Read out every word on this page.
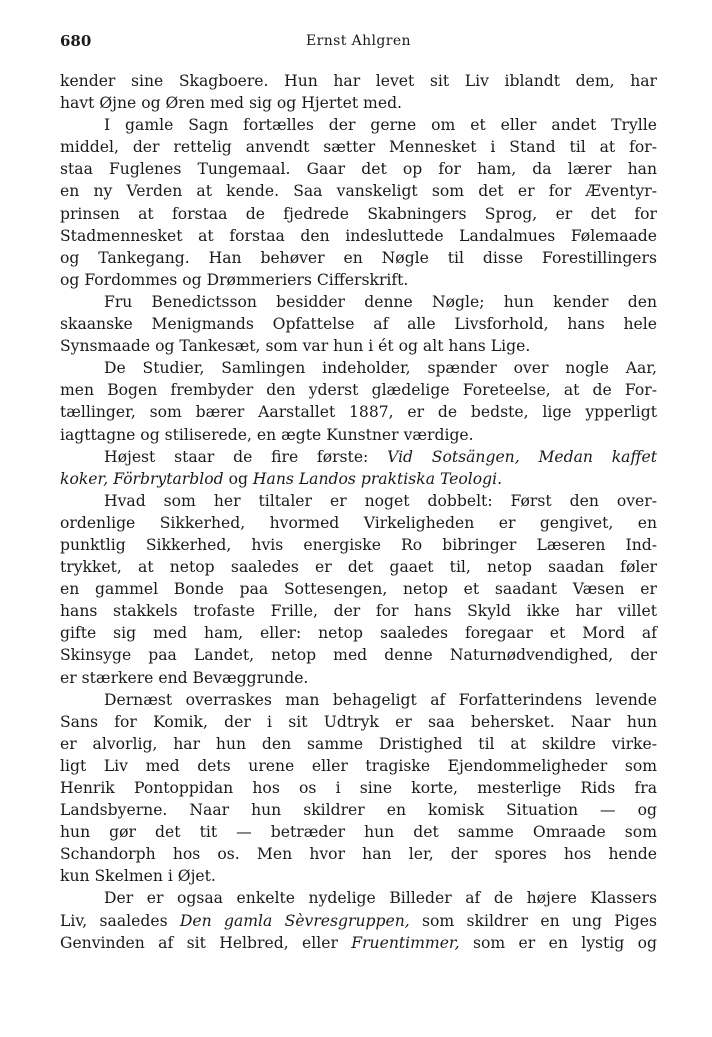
680	Ernst Ahlgren
kender sine Skagboere. Hun har levet sit Liv iblandt dem, har
havt Øjne og Øren med sig og Hjertet med.
I gamle Sagn fortælles der gerne om et eller andet Trylle
middel, der rettelig anvendt sætter Mennesket i Stand til at for-
staa Fuglenes Tungemaal. Gaar det op for ham, da lærer han
en ny Verden at kende. Saa vanskeligt som det er for Æventyr-
prinsen at forstaa de fjedrede Skabningers Sprog, er det for
Stadmennesket at forstaa den indesluttede Landalmues Følemaade
og Tankegang. Han behøver en Nøgle til disse Forestillingers
og Fordommes og Drømmeriers Cifferskrift.
Fru Benedictsson besidder denne Nøgle; hun kender den
skaanske Menigmands Opfattelse af alle Livsforhold, hans hele
Synsmaade og Tankesæt, som var hun i ét og alt hans Lige.
De Studier, Samlingen indeholder, spænder over nogle Aar,
men Bogen frembyder den yderst glædelige Foreteelse, at de For-
tællinger, som bærer Aarstallet 1887, er de bedste, lige ypperligt
iagttagne og stiliserede, en ægte Kunstner værdige.
Højest staar de fire første: Vid Sotsängen, Medan kaffet
koker, Förbrytarblod og Hans Landos praktiska Teologi.
Hvad som her tiltaler er noget dobbelt: Først den over-
ordenlige Sikkerhed, hvormed Virkeligheden er gengivet, en
punktlig Sikkerhed, hvis energiske Ro bibringer Læseren Ind-
trykket, at netop saaledes er det gaaet til, netop saadan føler
en gammel Bonde paa Sottesengen, netop et saadant Væsen er
hans stakkels trofaste Frille, der for hans Skyld ikke har villet
gifte sig med ham, eller: netop saaledes foregaar et Mord af
Skinsyge paa Landet, netop med denne Naturnødvendighed, der
er stærkere end Bevæggrunde.
Dernæst overraskes man behageligt af Forfatterindens levende
Sans for Komik, der i sit Udtryk er saa behersket. Naar hun
er alvorlig, har hun den samme Dristighed til at skildre virke-
ligt Liv med dets urene eller tragiske Ejendommeligheder som
Henrik Pontoppidan hos os i sine korte, mesterlige Rids fra
Landsbyerne. Naar hun skildrer en komisk Situation — og
hun gør det tit — betræder hun det samme Omraade som
Schandorph hos os. Men hvor han ler, der spores hos hende
kun Skelmen i Øjet.
Der er ogsaa enkelte nydelige Billeder af de højere Klassers
Liv, saaledes Den gamla Sèvresgruppen, som skildrer en ung Piges
Genvinden af sit Helbred, eller Fruentimmer, som er en lystig og
